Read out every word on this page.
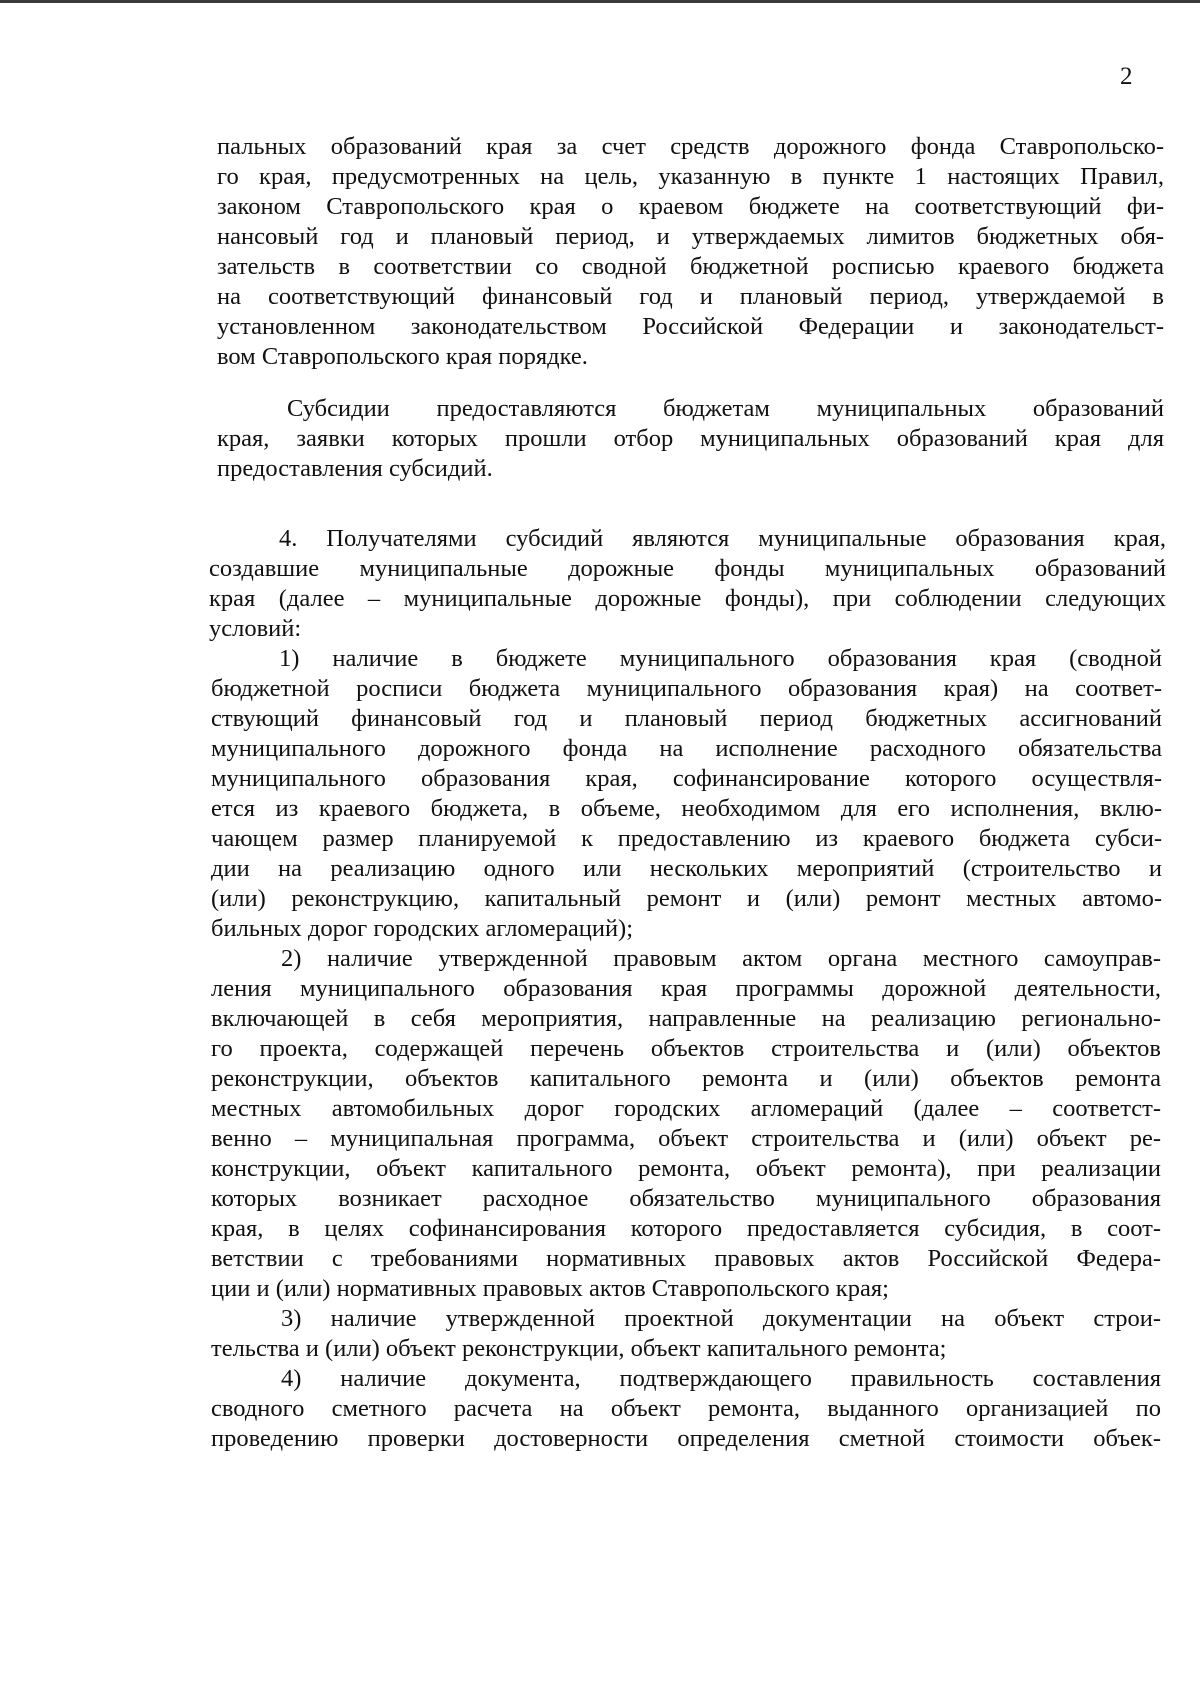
2
пальных образований края за счет средств дорожного фонда Ставропольско-
го края, предусмотренных на цель, указанную в пункте 1 настоящих Правил,
законом Ставропольского края о краевом бюджете на соответствующий фи-
нансовый год и плановый период, и утверждаемых лимитов бюджетных обя-
зательств в соответствии со сводной бюджетной росписью краевого бюджета
на соответствующий финансовый год и плановый период, утверждаемой в
установленном законодательством Российской Федерации и законодательст-
вом Ставропольского края порядке.
Субсидии предоставляются бюджетам муниципальных образований
края, заявки которых прошли отбор муниципальных образований края для
предоставления субсидий.
4. Получателями субсидий являются муниципальные образования края,
создавшие муниципальные дорожные фонды муниципальных образований
края (далее – муниципальные дорожные фонды), при соблюдении следующих
условий:
1) наличие в бюджете муниципального образования края (сводной
бюджетной росписи бюджета муниципального образования края) на соответ-
ствующий финансовый год и плановый период бюджетных ассигнований
муниципального дорожного фонда на исполнение расходного обязательства
муниципального образования края, софинансирование которого осуществля-
ется из краевого бюджета, в объеме, необходимом для его исполнения, вклю-
чающем размер планируемой к предоставлению из краевого бюджета субси-
дии на реализацию одного или нескольких мероприятий (строительство и
(или) реконструкцию, капитальный ремонт и (или) ремонт местных автомо-
бильных дорог городских агломераций);
2) наличие утвержденной правовым актом органа местного самоуправ-
ления муниципального образования края программы дорожной деятельности,
включающей в себя мероприятия, направленные на реализацию регионально-
го проекта, содержащей перечень объектов строительства и (или) объектов
реконструкции, объектов капитального ремонта и (или) объектов ремонта
местных автомобильных дорог городских агломераций (далее – соответст-
венно – муниципальная программа, объект строительства и (или) объект ре-
конструкции, объект капитального ремонта, объект ремонта), при реализации
которых возникает расходное обязательство муниципального образования
края, в целях софинансирования которого предоставляется субсидия, в соот-
ветствии с требованиями нормативных правовых актов Российской Федера-
ции и (или) нормативных правовых актов Ставропольского края;
3) наличие утвержденной проектной документации на объект строи-
тельства и (или) объект реконструкции, объект капитального ремонта;
4) наличие документа, подтверждающего правильность составления
сводного сметного расчета на объект ремонта, выданного организацией по
проведению проверки достоверности определения сметной стоимости объек-
